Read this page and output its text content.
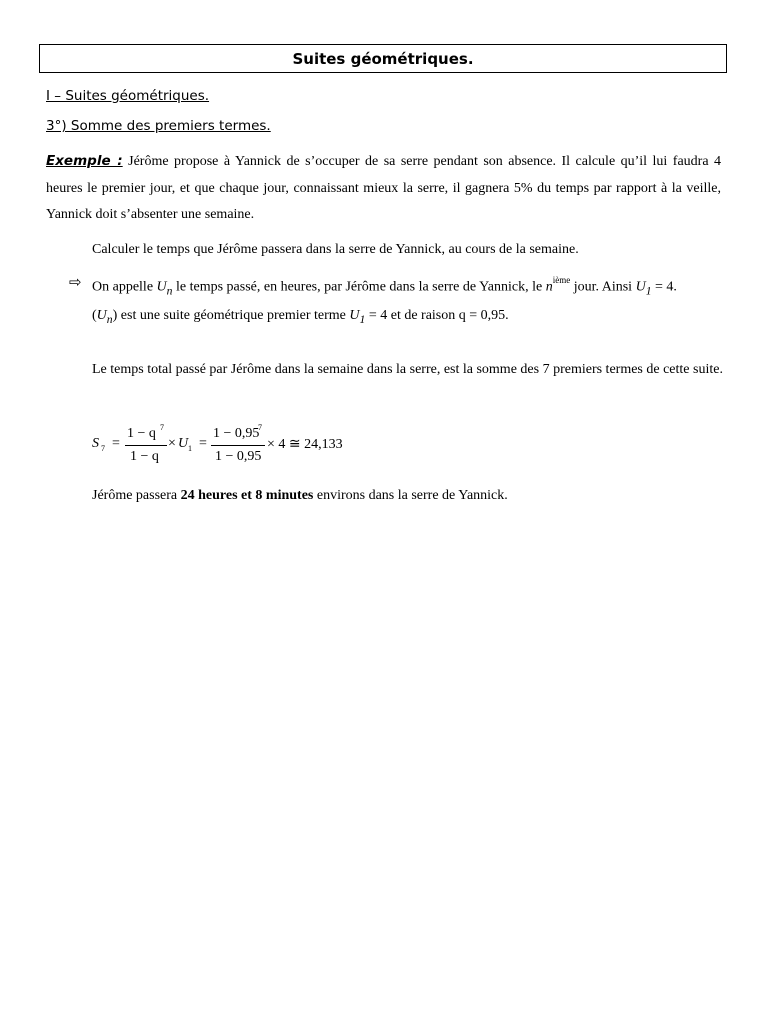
Suites géométriques.
I – Suites géométriques.
3°) Somme des premiers termes.
Exemple : Jérôme propose à Yannick de s’occuper de sa serre pendant son absence. Il calcule qu’il lui faudra 4 heures le premier jour, et que chaque jour, connaissant mieux la serre, il gagnera 5% du temps par rapport à la veille, Yannick doit s’absenter une semaine.
Calculer le temps que Jérôme passera dans la serre de Yannick, au cours de la semaine.
⇨ On appelle $U_n$ le temps passé, en heures, par Jérôme dans la serre de Yannick, le $n^{ième}$ jour. Ainsi $U_1 = 4$.
$(U_n)$ est une suite géométrique premier terme $U_1 = 4$ et de raison q = 0,95.
Le temps total passé par Jérôme dans la semaine dans la serre, est la somme des 7 premiers termes de cette suite.
S 7 =
1 − q 7
1 − q
× U 1 =
1 − 0,95
7
1 − 0,95
× 4 ≅ 24,133
Jérôme passera 24 heures et 8 minutes environs dans la serre de Yannick.
